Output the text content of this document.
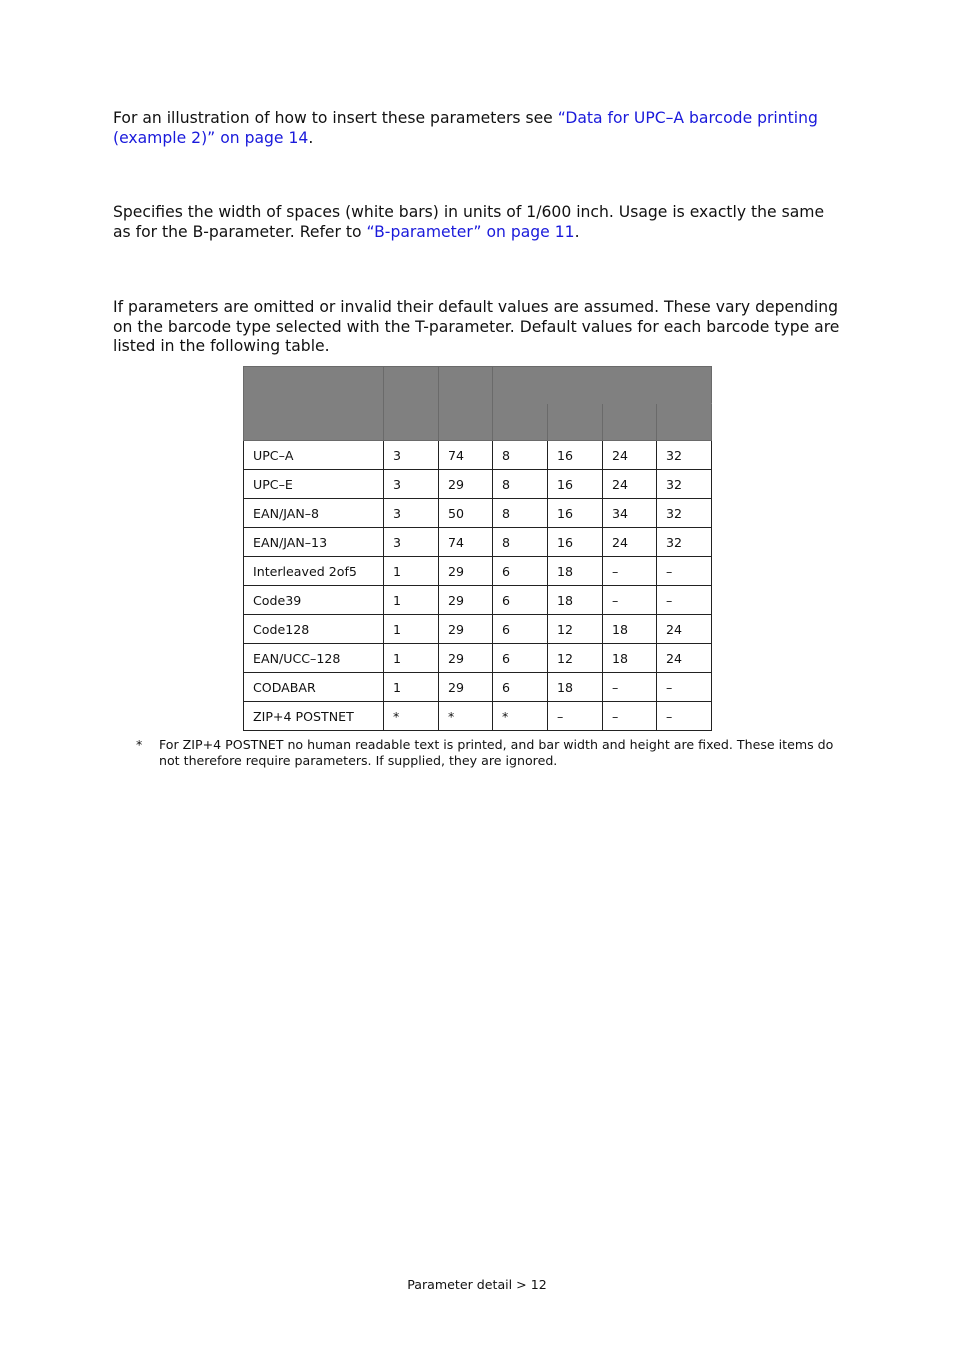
For an illustration of how to insert these parameters see “Data for UPC–A barcode printing (example 2)” on page 14.

Specifies the width of spaces (white bars) in units of 1/600 inch. Usage is exactly the same as for the B-parameter. Refer to “B-parameter” on page 11.

If parameters are omitted or invalid their default values are assumed. These vary depending on the barcode type selected with the T-parameter. Default values for each barcode type are listed in the following table.

UPC–A	3	74	8	16	24	32
UPC–E	3	29	8	16	24	32
EAN/JAN–8	3	50	8	16	34	32
EAN/JAN–13	3	74	8	16	24	32
Interleaved 2of5	1	29	6	18	–	–
Code39	1	29	6	18	–	–
Code128	1	29	6	12	18	24
EAN/UCC–128	1	29	6	12	18	24
CODABAR	1	29	6	18	–	–
ZIP+4 POSTNET	*	*	*	–	–	–
* For ZIP+4 POSTNET no human readable text is printed, and bar width and height are fixed. These items do not therefore require parameters. If supplied, they are ignored.
Parameter detail > 12
